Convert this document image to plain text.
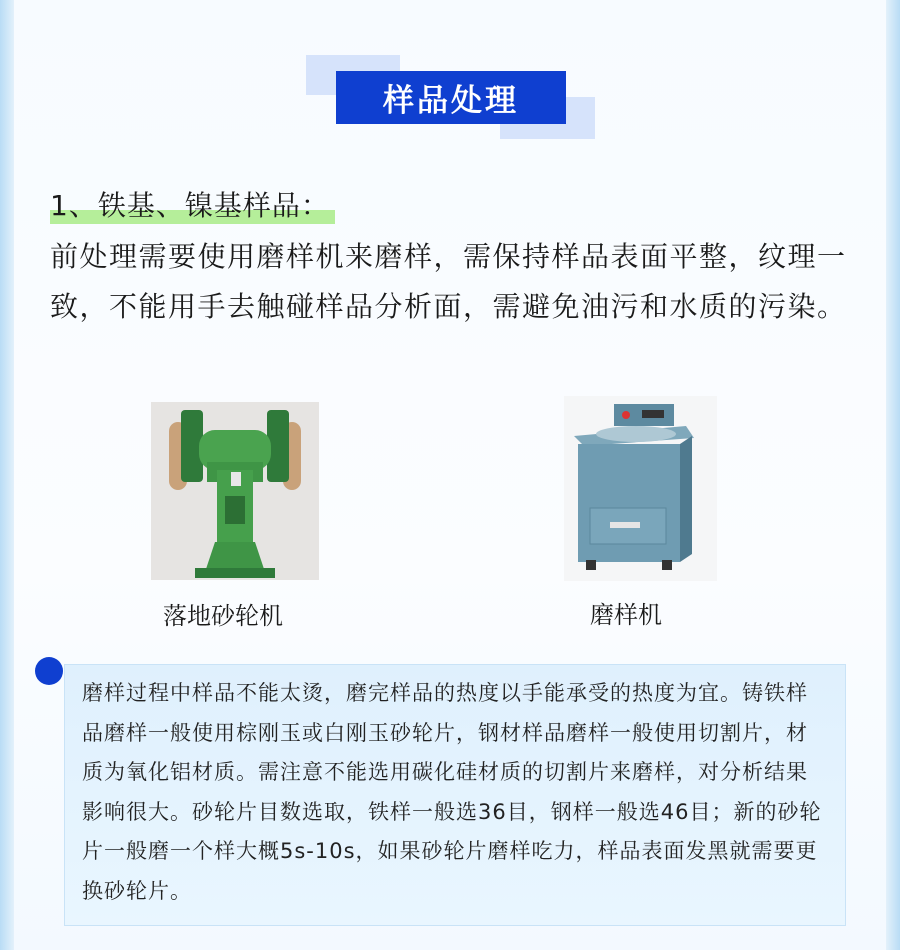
样品处理
1、铁基、镍基样品：

前处理需要使用磨样机来磨样，需保持样品表面平整，纹理一致，不能用手去触碰样品分析面，需避免油污和水质的污染。

落地砂轮机	磨样机

磨样过程中样品不能太烫，磨完样品的热度以手能承受的热度为宜。铸铁样品磨样一般使用棕刚玉或白刚玉砂轮片，钢材样品磨样一般使用切割片，材质为氧化铝材质。需注意不能选用碳化硅材质的切割片来磨样，对分析结果影响很大。砂轮片目数选取，铁样一般选36目，钢样一般选46目；新的砂轮片一般磨一个样大概5s-10s，如果砂轮片磨样吃力，样品表面发黑就需要更换砂轮片。
